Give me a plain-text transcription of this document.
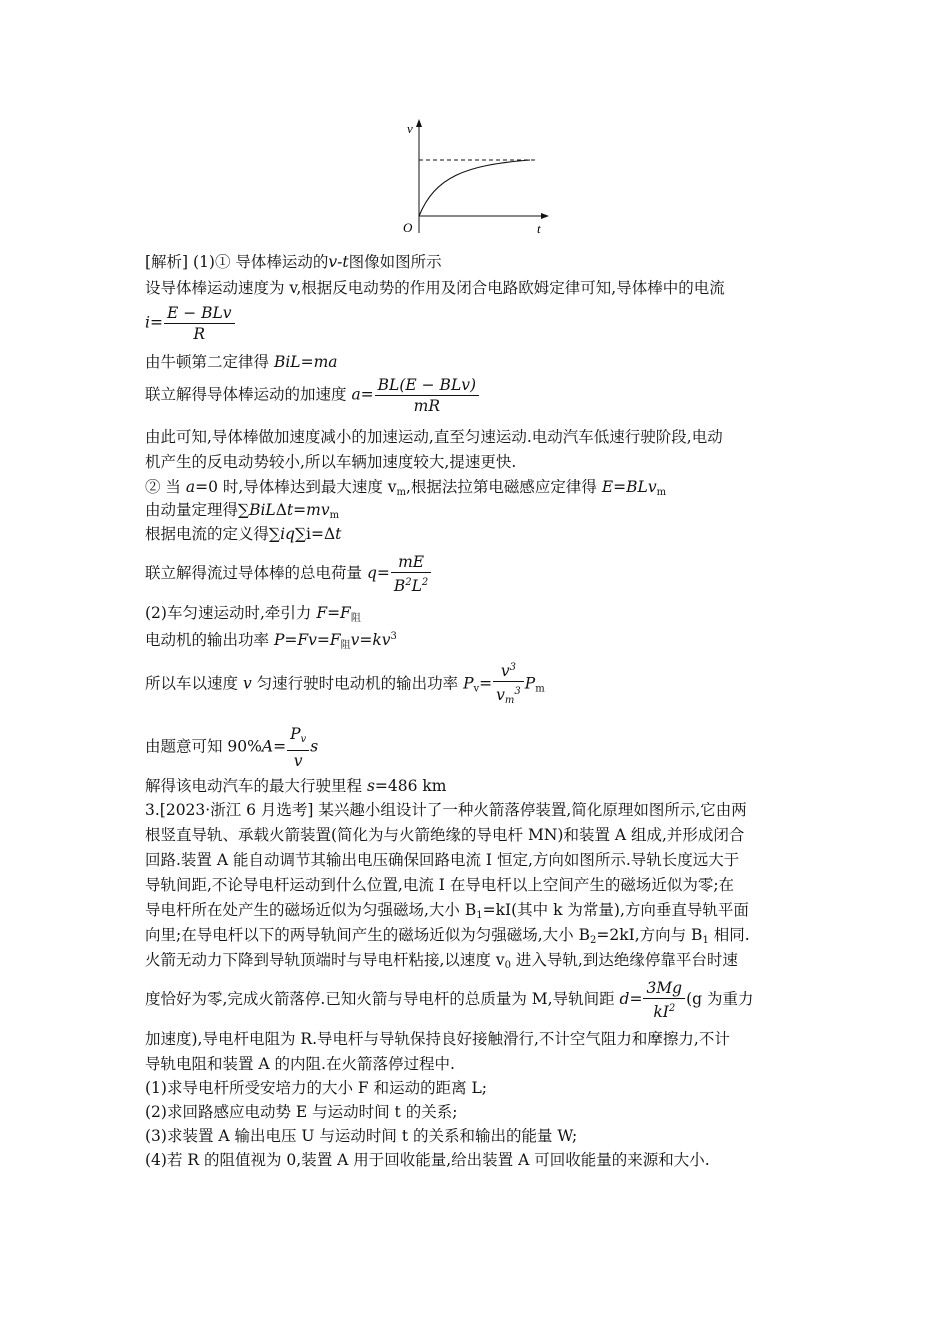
v
t
O
[解析] (1)① 导体棒运动的v-t图像如图所示
设导体棒运动速度为 v,根据反电动势的作用及闭合电路欧姆定律可知,导体棒中的电流
$i= \frac{\text{E − BLv}}{R}$
由牛顿第二定律得 BiL=ma
联立解得导体棒运动的加速度 $a= \frac{\text{BL(E − BLv)}}{mR}$
由此可知,导体棒做加速度减小的加速运动,直至匀速运动.电动汽车低速行驶阶段,电动
机产生的反电动势较小,所以车辆加速度较大,提速更快.
② 当 a=0 时,导体棒达到最大速度 $v_m$,根据法拉第电磁感应定律得 E=BLv$_m$
由动量定理得$\sum BiL\Delta t=mv_m$
根据电流的定义得∑iq∑i=Δt
联立解得流过导体棒的总电荷量 $q= \frac{mE}{B^2L^2}$
(2)车匀速运动时,牵引力 $F=F_阻$
电动机的输出功率 $P=Fv=F_阻v=kv^3$
所以车以速度 v 匀速行驶时电动机的输出功率 $P_v= \frac{v^3}{v_m^3} P_m$
由题意可知 $90\%A= \frac{P_v}{v}$ s
解得该电动汽车的最大行驶里程 s=486 km
3.[2023·浙江 6 月选考] 某兴趣小组设计了一种火箭落停装置,简化原理如图所示,它由两
根竖直导轨、承载火箭装置(简化为与火箭绝缘的导电杆 MN)和装置 A 组成,并形成闭合
回路.装置 A 能自动调节其输出电压确保回路电流 I 恒定,方向如图所示.导轨长度远大于
导轨间距,不论导电杆运动到什么位置,电流 I 在导电杆以上空间产生的磁场近似为零;在
导电杆所在处产生的磁场近似为匀强磁场,大小 $B_1=kI$(其中 k 为常量),方向垂直导轨平面
向里;在导电杆以下的两导轨间产生的磁场近似为匀强磁场,大小 $B_2=2kI$,方向与 $B_1$ 相同.
火箭无动力下降到导轨顶端时与导电杆粘接,以速度 $v_0$ 进入导轨,到达绝缘停靠平台时速
度恰好为零,完成火箭落停.已知火箭与导电杆的总质量为 M,导轨间距 $d= \frac{3Mg}{kI^2} (g$ 为重力
加速度),导电杆电阻为 R.导电杆与导轨保持良好接触滑行,不计空气阻力和摩擦力,不计
导轨电阻和装置 A 的内阻.在火箭落停过程中.
(1)求导电杆所受安培力的大小 F 和运动的距离 L;
(2)求回路感应电动势 E 与运动时间 t 的关系;
(3)求装置 A 输出电压 U 与运动时间 t 的关系和输出的能量 W;
(4)若 R 的阻值视为 0,装置 A 用于回收能量,给出装置 A 可回收能量的来源和大小.
